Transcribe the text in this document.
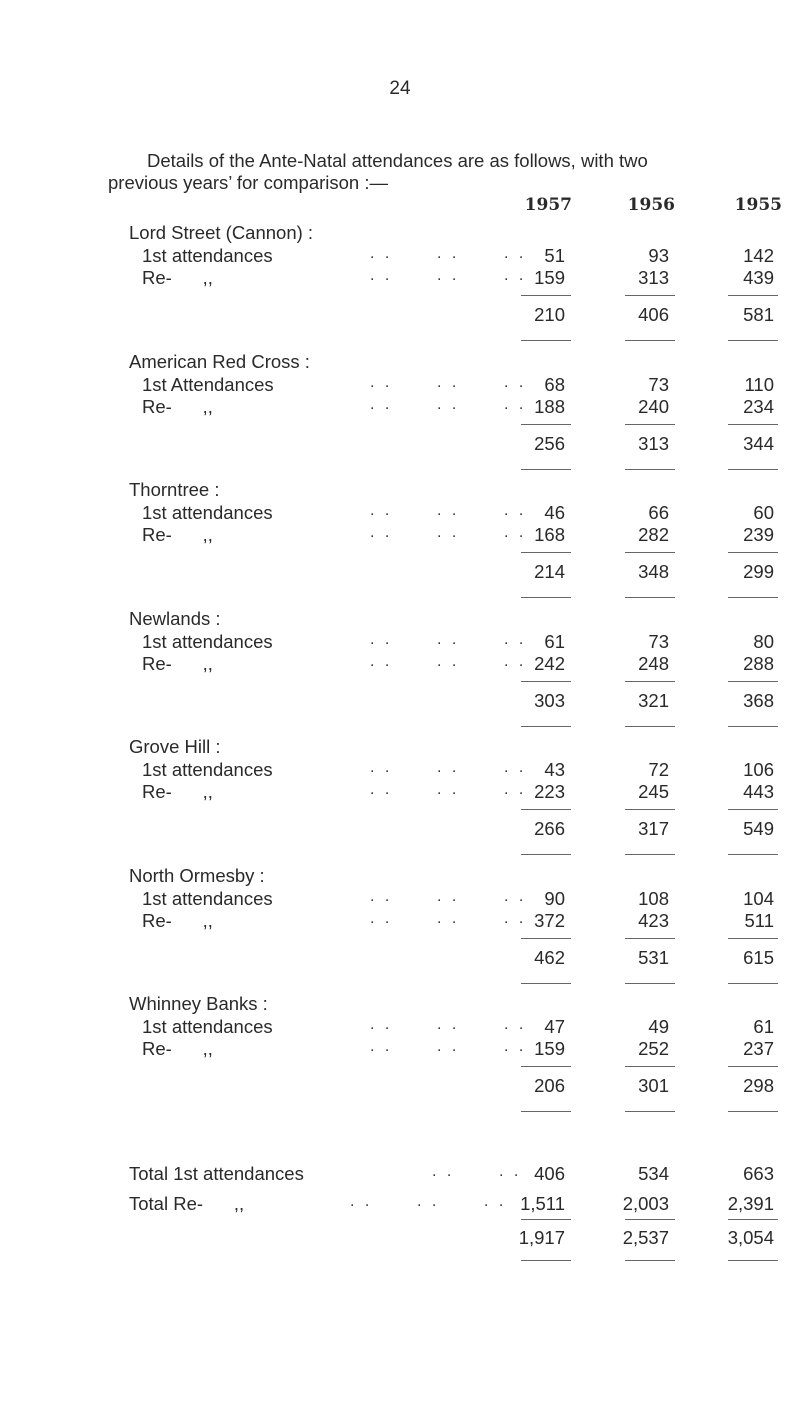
24
Details of the Ante-Natal attendances are as follows, with two
previous years’ for comparison :—
1957	1956	1955
Lord Street (Cannon) :
1st attendances	. .      . .      . . 51	93	142
Re-      ,,	. .      . .      . . 159	313	439
210	406	581
American Red Cross :
1st Attendances	. .      . .      . . 68	73	110
Re-      ,,	. .      . .      . . 188	240	234
256	313	344
Thorntree :
1st attendances	. .      . .      . . 46	66	60
Re-      ,,	. .      . .      . . 168	282	239
214	348	299
Newlands :
1st attendances	. .      . .      . . 61	73	80
Re-      ,,	. .      . .      . . 242	248	288
303	321	368
Grove Hill :
1st attendances	. .      . .      . . 43	72	106
Re-      ,,	. .      . .      . . 223	245	443
266	317	549
North Ormesby :
1st attendances	. .      . .      . . 90	108	104
Re-      ,,	. .      . .      . . 372	423	511
462	531	615
Whinney Banks :
1st attendances	. .      . .      . . 47	49	61
Re-      ,,	. .      . .      . . 159	252	237
206	301	298
Total 1st attendances	. .      . . 406	534	663
Total Re-      ,,	. .      . .      . . 1,511	2,003	2,391
1,917	2,537	3,054
